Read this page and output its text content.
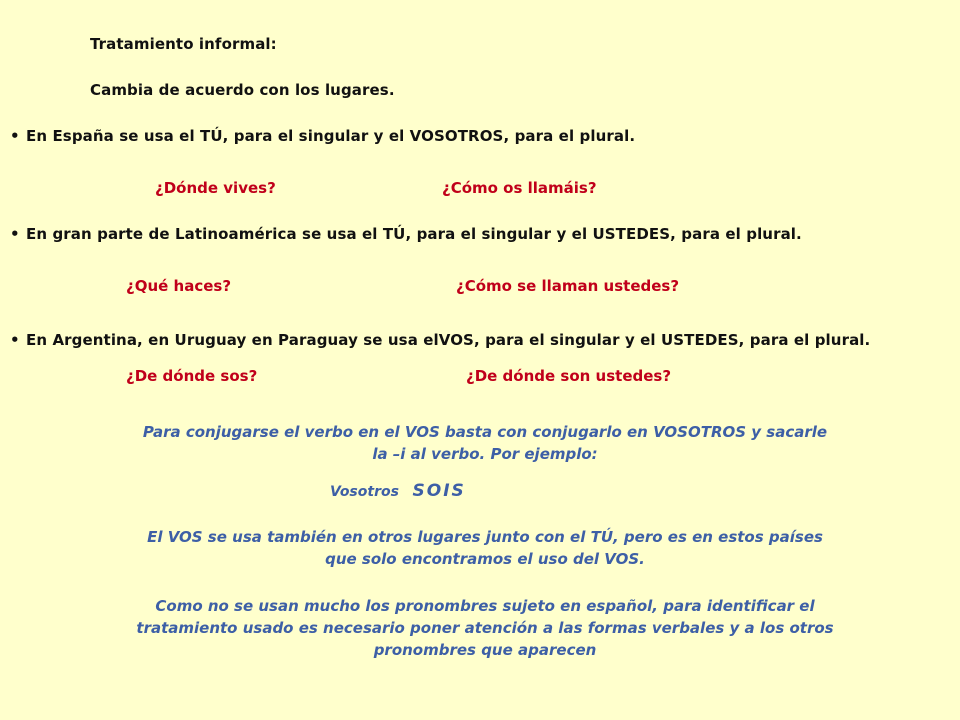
Tratamiento informal:
Cambia de acuerdo con los lugares.
• En España se usa el TÚ, para el singular y el VOSOTROS, para el plural.
¿Dónde vives?	¿Cómo os llamáis?
• En gran parte de Latinoamérica se usa el TÚ, para el singular y el USTEDES, para el plural.
¿Qué haces?	¿Cómo se llaman ustedes?
• En Argentina, en Uruguay en Paraguay se usa elVOS, para el singular y el USTEDES, para el plural.
¿De dónde sos?	¿De dónde son ustedes?
Para conjugarse el verbo en el VOS basta con conjugarlo en VOSOTROS y sacarle
la –i al verbo. Por ejemplo:
Vosotros SOIS
El VOS se usa también en otros lugares junto con el TÚ, pero es en estos países
que solo encontramos el uso del VOS.
Como no se usan mucho los pronombres sujeto en español, para identificar el
tratamiento usado es necesario poner atención a las formas verbales y a los otros
pronombres que aparecen
